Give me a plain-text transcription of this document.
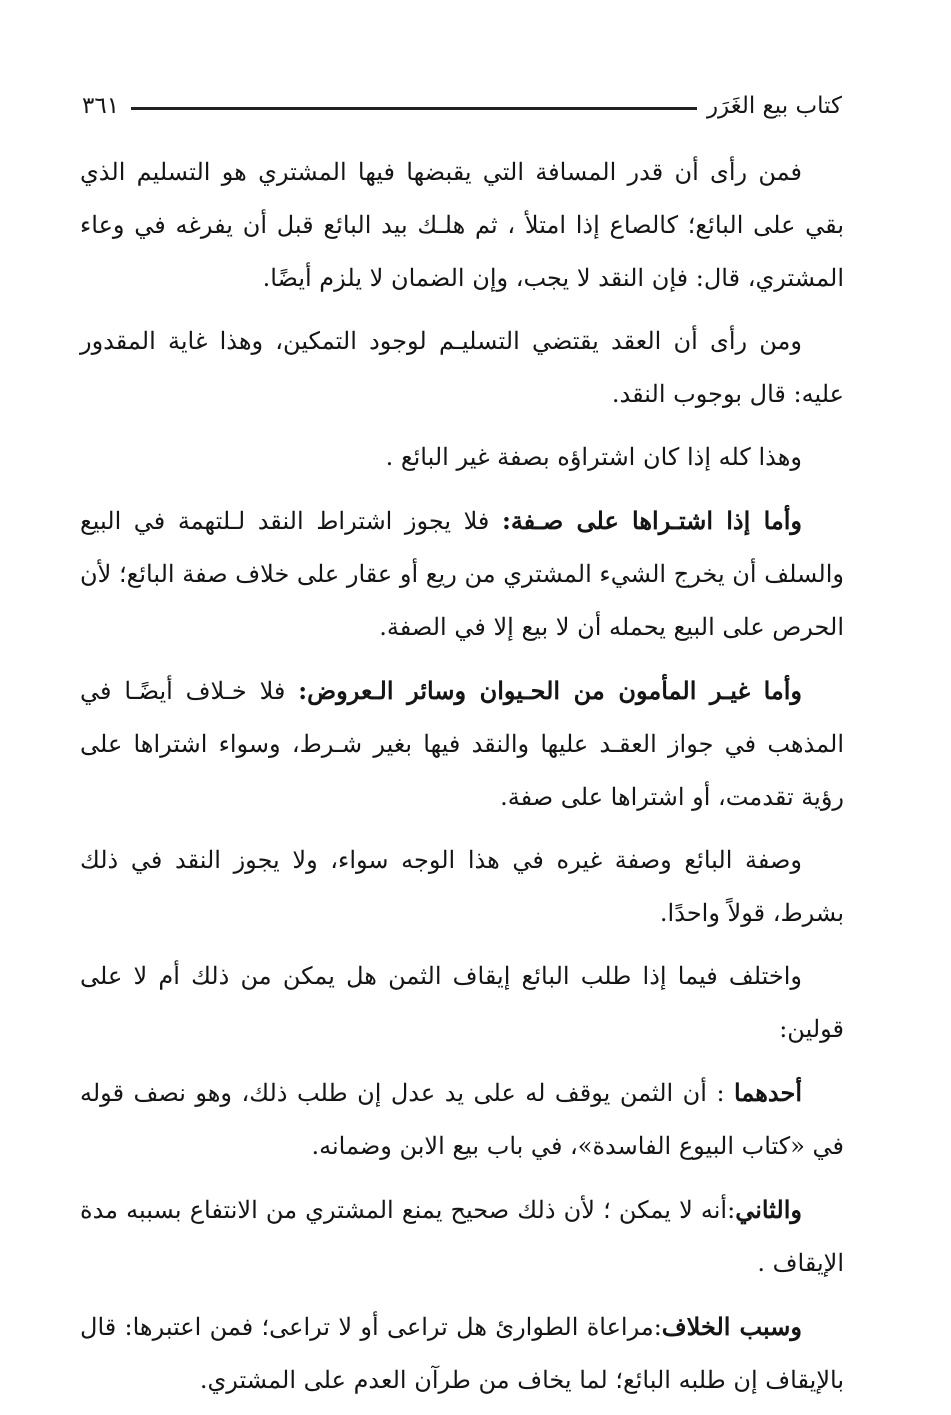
كتاب بيع الغَرَر
٣٦١

فمن رأى أن قدر المسافة التي يقبضها فيها المشتري هو التسليم الذي بقي على البائع؛ كالصاع إذا امتلأ ، ثم هلـك بيد البائع قبل أن يفرغه في وعاء المشتري، قال: فإن النقد لا يجب، وإن الضمان لا يلزم أيضًا.

ومن رأى أن العقد يقتضي التسليـم لوجود التمكين، وهذا غاية المقدور عليه: قال بوجوب النقد.

وهذا كله إذا كان اشتراؤه بصفة غير البائع .

وأما إذا اشتـراها على صـفة: فلا يجوز اشتراط النقد لـلتهمة في البيع والسلف أن يخرج الشيء المشتري من ريع أو عقار على خلاف صفة البائع؛ لأن الحرص على البيع يحمله أن لا بيع إلا في الصفة.

وأما غيـر المأمون من الحـيوان وسائر الـعروض: فلا خـلاف أيضًـا في المذهب في جواز العقـد عليها والنقد فيها بغير شـرط، وسواء اشتراها على رؤية تقدمت، أو اشتراها على صفة.

وصفة البائع وصفة غيره في هذا الوجه سواء، ولا يجوز النقد في ذلك بشرط، قولاً واحدًا.

واختلف فيما إذا طلب البائع إيقاف الثمن هل يمكن من ذلك أم لا على قولين:

أحدهما : أن الثمن يوقف له على يد عدل إن طلب ذلك، وهو نصف قوله في «كتاب البيوع الفاسدة»، في باب بيع الابن وضمانه.

والثاني:أنه لا يمكن ؛ لأن ذلك صحيح يمنع المشتري من الانتفاع بسببه مدة الإيقاف .

وسبب الخلاف:مراعاة الطوارئ هل تراعى أو لا تراعى؛ فمن اعتبرها: قال بالإيقاف إن طلبه البائع؛ لما يخاف من طرآن العدم على المشتري.
